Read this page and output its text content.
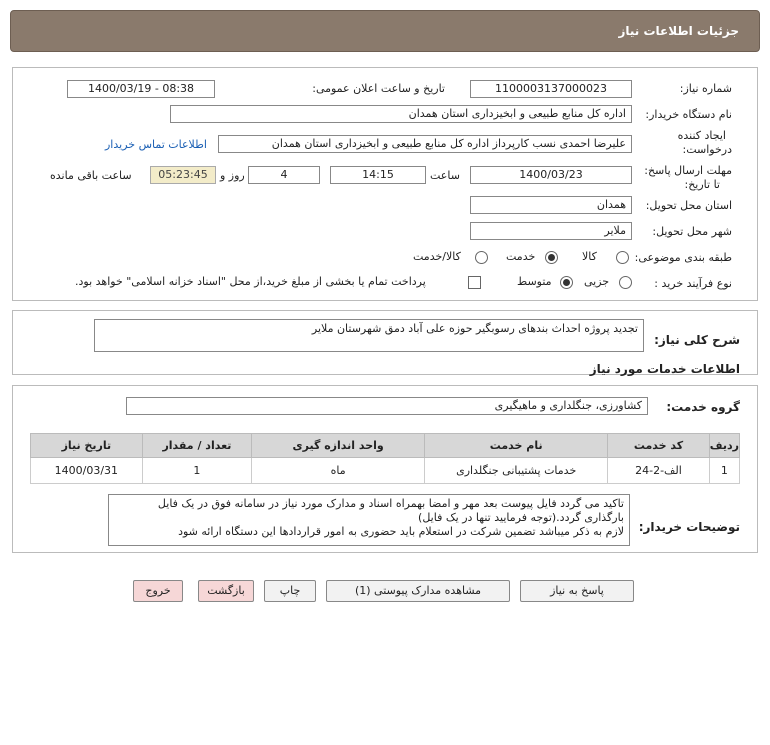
جزئیات اطلاعات نیاز
شماره نیاز:
1100003137000023
تاریخ و ساعت اعلان عمومی:
1400/03/19 - 08:38
نام دستگاه خریدار:
اداره کل منابع طبیعی و ابخیزداری استان همدان
ایجاد کننده
درخواست:
علیرضا احمدی نسب کارپرداز اداره کل منابع طبیعی و ابخیزداری استان همدان
اطلاعات تماس خریدار
مهلت ارسال پاسخ:
تا تاریخ:
1400/03/23
ساعت
14:15
4
روز و
05:23:45
ساعت باقی مانده
استان محل تحویل:
همدان
شهر محل تحویل:
ملایر
طبقه بندی موضوعی:
کالا
خدمت
کالا/خدمت
نوع فرآیند خرید :
جزیی
متوسط
پرداخت تمام یا بخشی از مبلغ خرید،از محل "اسناد خزانه اسلامی" خواهد بود.
شرح کلی نیاز:
تجدید پروژه احداث بندهای رسوبگیر حوزه علی آباد دمق شهرستان ملایر
اطلاعات خدمات مورد نیاز
گروه خدمت:
کشاورزی، جنگلداری و ماهیگیری
ردیف	کد خدمت	نام خدمت	واحد اندازه گیری	تعداد / مقدار	تاریخ نیاز
1	الف-2-24	خدمات پشتیبانی جنگلداری	ماه	1	1400/03/31
توضیحات خریدار:
تاکید می گردد فایل پیوست بعد مهر و امضا بهمراه اسناد و مدارک مورد نیاز در سامانه فوق در یک فایل
بارگذاری گردد.(توجه فرمایید تنها در یک فایل)
لازم به ذکر میباشد تضمین شرکت در استعلام باید حضوری به امور قراردادها این دستگاه ارائه شود
پاسخ به نیاز
مشاهده مدارک پیوستی (1)
چاپ
بازگشت
خروج
